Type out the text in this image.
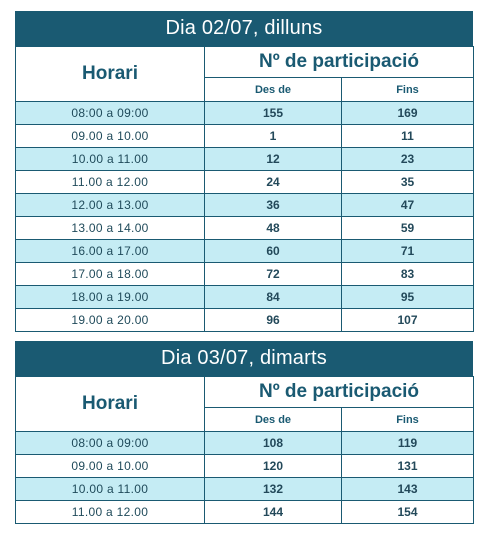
Dia 02/07, dilluns
Horari	Nº de participació	
	Des de	Fins
08:00 a 09:00	155	169
09.00 a 10.00	1	11
10.00 a 11.00	12	23
11.00 a 12.00	24	35
12.00 a 13.00	36	47
13.00 a 14.00	48	59
16.00 a 17.00	60	71
17.00 a 18.00	72	83
18.00 a 19.00	84	95
19.00 a 20.00	96	107
Dia 03/07, dimarts
Horari	Nº de participació	
	Des de	Fins
08:00 a 09:00	108	119
09.00 a 10.00	120	131
10.00 a 11.00	132	143
11.00 a 12.00	144	154
